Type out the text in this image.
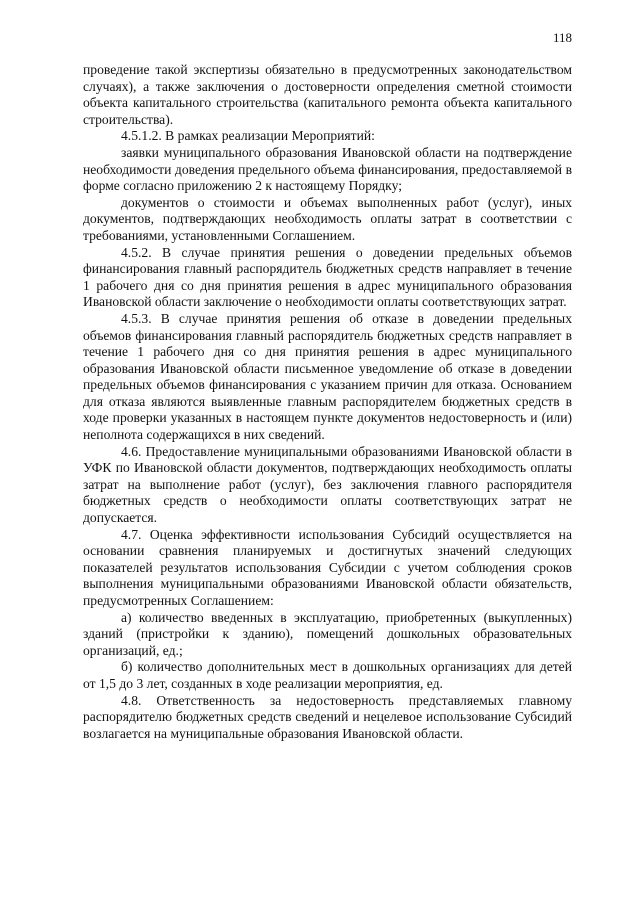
118

проведение такой экспертизы обязательно в предусмотренных законодательством случаях), а также заключения о достоверности определения сметной стоимости объекта капитального строительства (капитального ремонта объекта капитального строительства).

4.5.1.2. В рамках реализации Мероприятий:

заявки муниципального образования Ивановской области на подтверждение необходимости доведения предельного объема финансирования, предоставляемой в форме согласно приложению 2 к настоящему Порядку;

документов о стоимости и объемах выполненных работ (услуг), иных документов, подтверждающих необходимость оплаты затрат в соответствии с требованиями, установленными Соглашением.

4.5.2. В случае принятия решения о доведении предельных объемов финансирования главный распорядитель бюджетных средств направляет в течение 1 рабочего дня со дня принятия решения в адрес муниципального образования Ивановской области заключение о необходимости оплаты соответствующих затрат.

4.5.3. В случае принятия решения об отказе в доведении предельных объемов финансирования главный распорядитель бюджетных средств направляет в течение 1 рабочего дня со дня принятия решения в адрес муниципального образования Ивановской области письменное уведомление об отказе в доведении предельных объемов финансирования с указанием причин для отказа. Основанием для отказа являются выявленные главным распорядителем бюджетных средств в ходе проверки указанных в настоящем пункте документов недостоверность и (или) неполнота содержащихся в них сведений.

4.6. Предоставление муниципальными образованиями Ивановской области в УФК по Ивановской области документов, подтверждающих необходимость оплаты затрат на выполнение работ (услуг), без заключения главного распорядителя бюджетных средств о необходимости оплаты соответствующих затрат не допускается.

4.7. Оценка эффективности использования Субсидий осуществляется на основании сравнения планируемых и достигнутых значений следующих показателей результатов использования Субсидии с учетом соблюдения сроков выполнения муниципальными образованиями Ивановской области обязательств, предусмотренных Соглашением:

а) количество введенных в эксплуатацию, приобретенных (выкупленных) зданий (пристройки к зданию), помещений дошкольных образовательных организаций, ед.;

б) количество дополнительных мест в дошкольных организациях для детей от 1,5 до 3 лет, созданных в ходе реализации мероприятия, ед.

4.8. Ответственность за недостоверность представляемых главному распорядителю бюджетных средств сведений и нецелевое использование Субсидий возлагается на муниципальные образования Ивановской области.
